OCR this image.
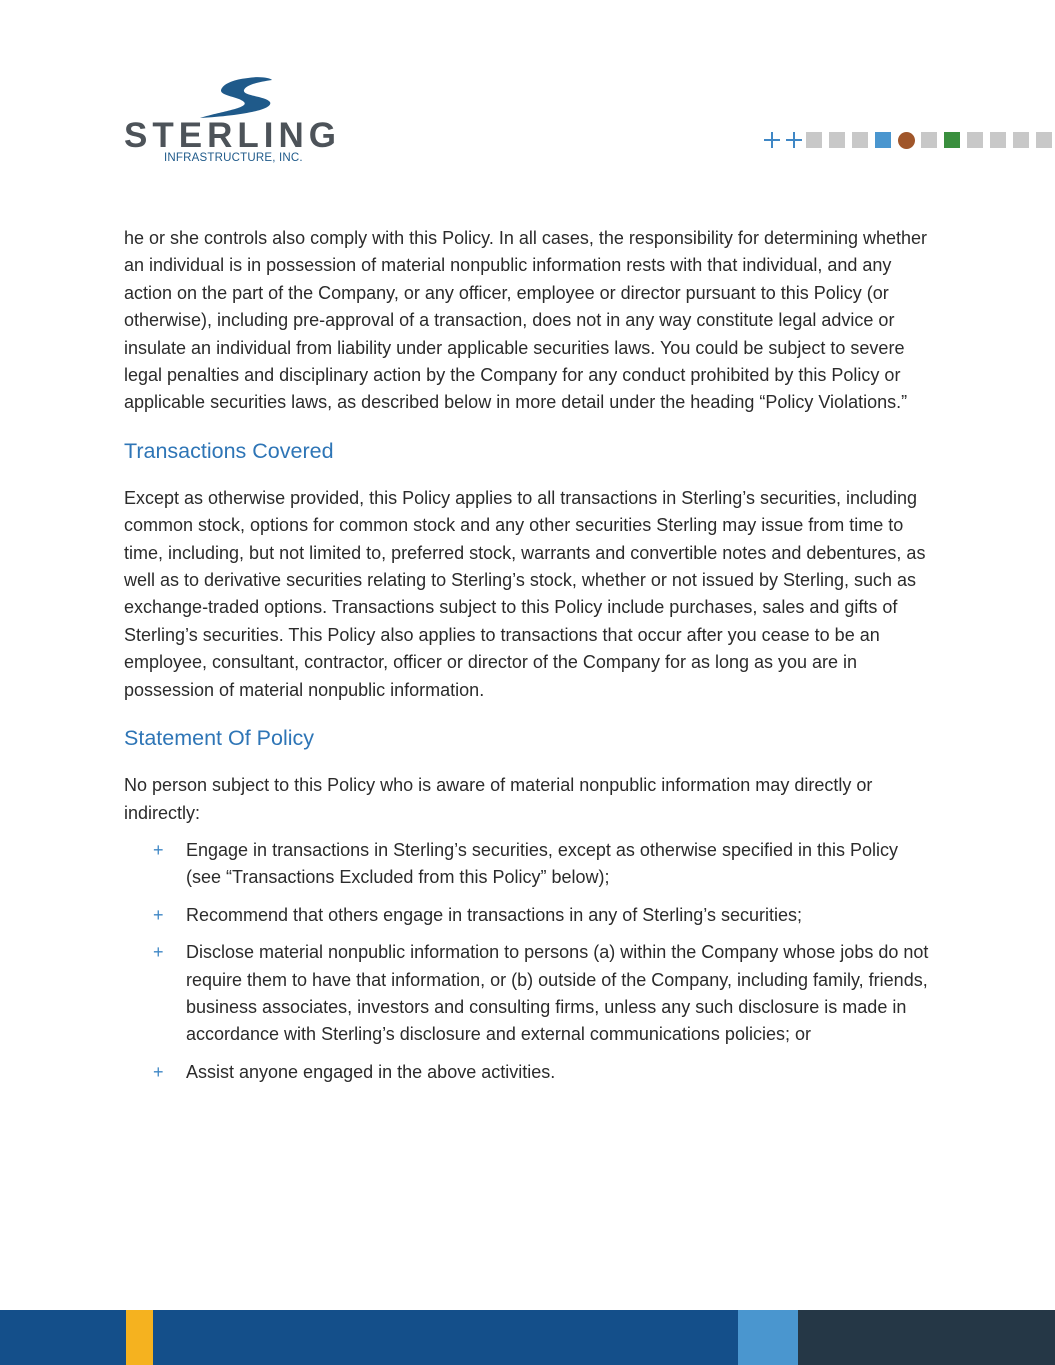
STERLING
INFRASTRUCTURE, INC.

he or she controls also comply with this Policy. In all cases, the responsibility for determining whether an individual is in possession of material nonpublic information rests with that individual, and any action on the part of the Company, or any officer, employee or director pursuant to this Policy (or otherwise), including pre-approval of a transaction, does not in any way constitute legal advice or insulate an individual from liability under applicable securities laws. You could be subject to severe legal penalties and disciplinary action by the Company for any conduct prohibited by this Policy or applicable securities laws, as described below in more detail under the heading “Policy Violations.”

Transactions Covered

Except as otherwise provided, this Policy applies to all transactions in Sterling’s securities, including common stock, options for common stock and any other securities Sterling may issue from time to time, including, but not limited to, preferred stock, warrants and convertible notes and debentures, as well as to derivative securities relating to Sterling’s stock, whether or not issued by Sterling, such as exchange-traded options. Transactions subject to this Policy include purchases, sales and gifts of Sterling’s securities. This Policy also applies to transactions that occur after you cease to be an employee, consultant, contractor, officer or director of the Company for as long as you are in possession of material nonpublic information.

Statement Of Policy

No person subject to this Policy who is aware of material nonpublic information may directly or indirectly:

+ Engage in transactions in Sterling’s securities, except as otherwise specified in this Policy (see “Transactions Excluded from this Policy” below);
+ Recommend that others engage in transactions in any of Sterling’s securities;
+ Disclose material nonpublic information to persons (a) within the Company whose jobs do not require them to have that information, or (b) outside of the Company, including family, friends, business associates, investors and consulting firms, unless any such disclosure is made in accordance with Sterling’s disclosure and external communications policies; or
+ Assist anyone engaged in the above activities.
